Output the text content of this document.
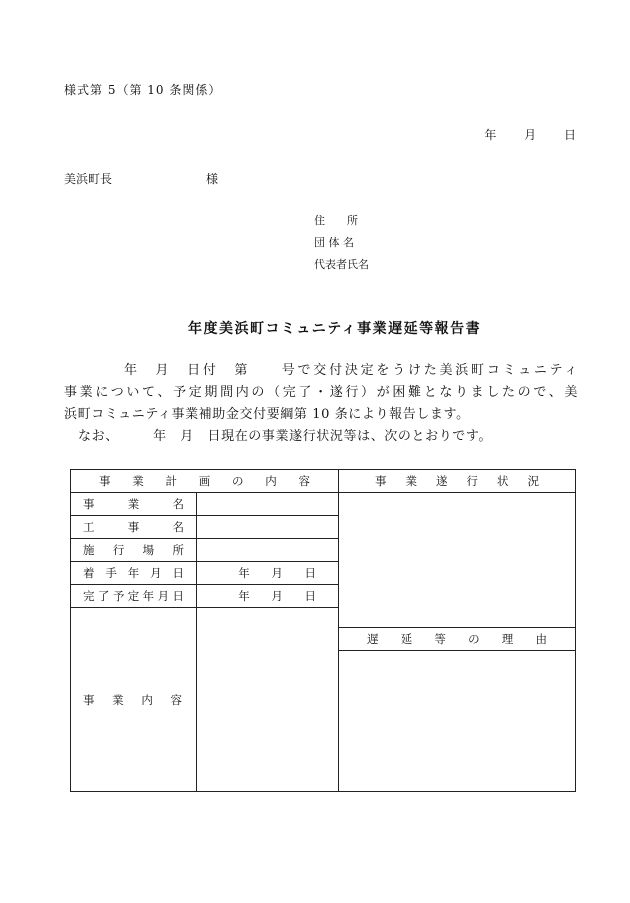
様式第 5（第 10 条関係）
年 月 日
美浜町長	様
住　　所
団 体 名
代表者氏名
年度美浜町コミュニティ事業遅延等報告書

年　月　日付　第　　号で交付決定をうけた美浜町コミュニティ

事業について、予定期間内の（完了・遂行）が困難となりましたので、美

浜町コミュニティ事業補助金交付要綱第 10 条により報告します。

なお、　　　年　月　日現在の事業遂行状況等は、次のとおりです。

事業計画の内容		事業遂行状況	
事業名			
工事名			
施行場所			
着手年月日	年 月 日		
完了予定年月日	年 月 日		
事業内容			
		遅延等の理由	
